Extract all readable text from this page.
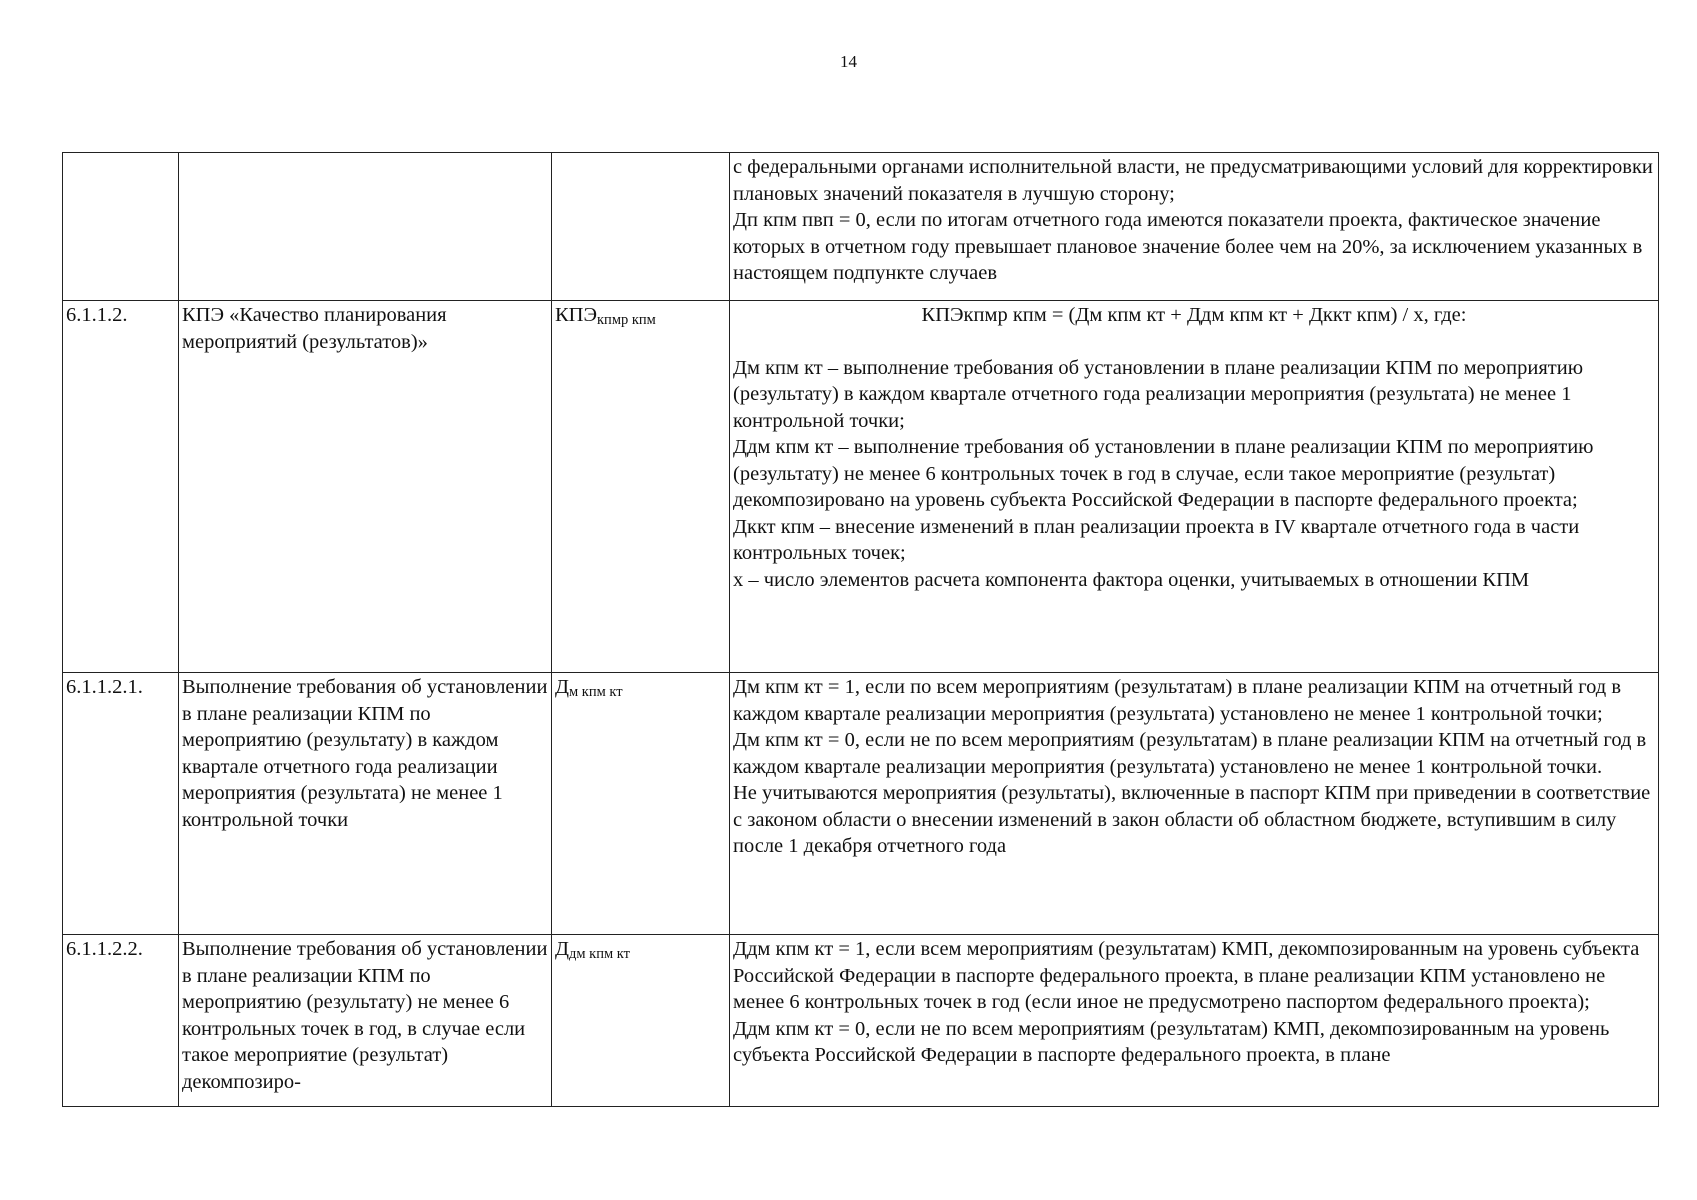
14

			с федеральными органами исполнительной власти, не предусматривающими условий для корректировки плановых значений показателя в лучшую сторону;
Дп кпм пвп = 0, если по итогам отчетного года имеются показатели проекта, фактическое значение которых в отчетном году превышает плановое значение более чем на 20%, за исключением указанных в настоящем подпункте случаев

6.1.1.2.	КПЭ «Качество планирования мероприятий (результатов)»	$КПЭ_{кпмр кпм}$	КПЭкпмр кпм = (Дм кпм кт + Ддм кпм кт + Дккт кпм) / x, где:
Дм кпм кт – выполнение требования об установлении в плане реализации КПМ по мероприятию (результату) в каждом квартале отчетного года реализации мероприятия (результата) не менее 1 контрольной точки;
Ддм кпм кт – выполнение требования об установлении в плане реализации КПМ по мероприятию (результату) не менее 6 контрольных точек в год в случае, если такое мероприятие (результат) декомпозировано на уровень субъекта Российской Федерации в паспорте федерального проекта;
Дккт кпм – внесение изменений в план реализации проекта в IV квартале отчетного года в части контрольных точек;
x – число элементов расчета компонента фактора оценки, учитываемых в отношении КПМ

6.1.1.2.1.	Выполнение требования об установлении в плане реализации КПМ по мероприятию (результату) в каждом квартале отчетного года реализации мероприятия (результата) не менее 1 контрольной точки	$Д_{м кпм кт}$	Дм кпм кт = 1, если по всем мероприятиям (результатам) в плане реализации КПМ на отчетный год в каждом квартале реализации мероприятия (результата) установлено не менее 1 контрольной точки;
Дм кпм кт = 0, если не по всем мероприятиям (результатам) в плане реализации КПМ на отчетный год в каждом квартале реализации мероприятия (результата) установлено не менее 1 контрольной точки.
Не учитываются мероприятия (результаты), включенные в паспорт КПМ при приведении в соответствие с законом области о внесении изменений в закон области об областном бюджете, вступившим в силу после 1 декабря отчетного года

6.1.1.2.2.	Выполнение требования об установлении в плане реализации КПМ по мероприятию (результату) не менее 6 контрольных точек в год, в случае если такое мероприятие (результат) декомпозиро-	$Д_{дм кпм кт}$	Ддм кпм кт = 1, если всем мероприятиям (результатам) КМП, декомпозированным на уровень субъекта Российской Федерации в паспорте федерального проекта, в плане реализации КПМ установлено не менее 6 контрольных точек в год (если иное не предусмотрено паспортом федерального проекта);
Ддм кпм кт = 0, если не по всем мероприятиям (результатам) КМП, декомпозированным на уровень субъекта Российской Федерации в паспорте федерального проекта, в плане
